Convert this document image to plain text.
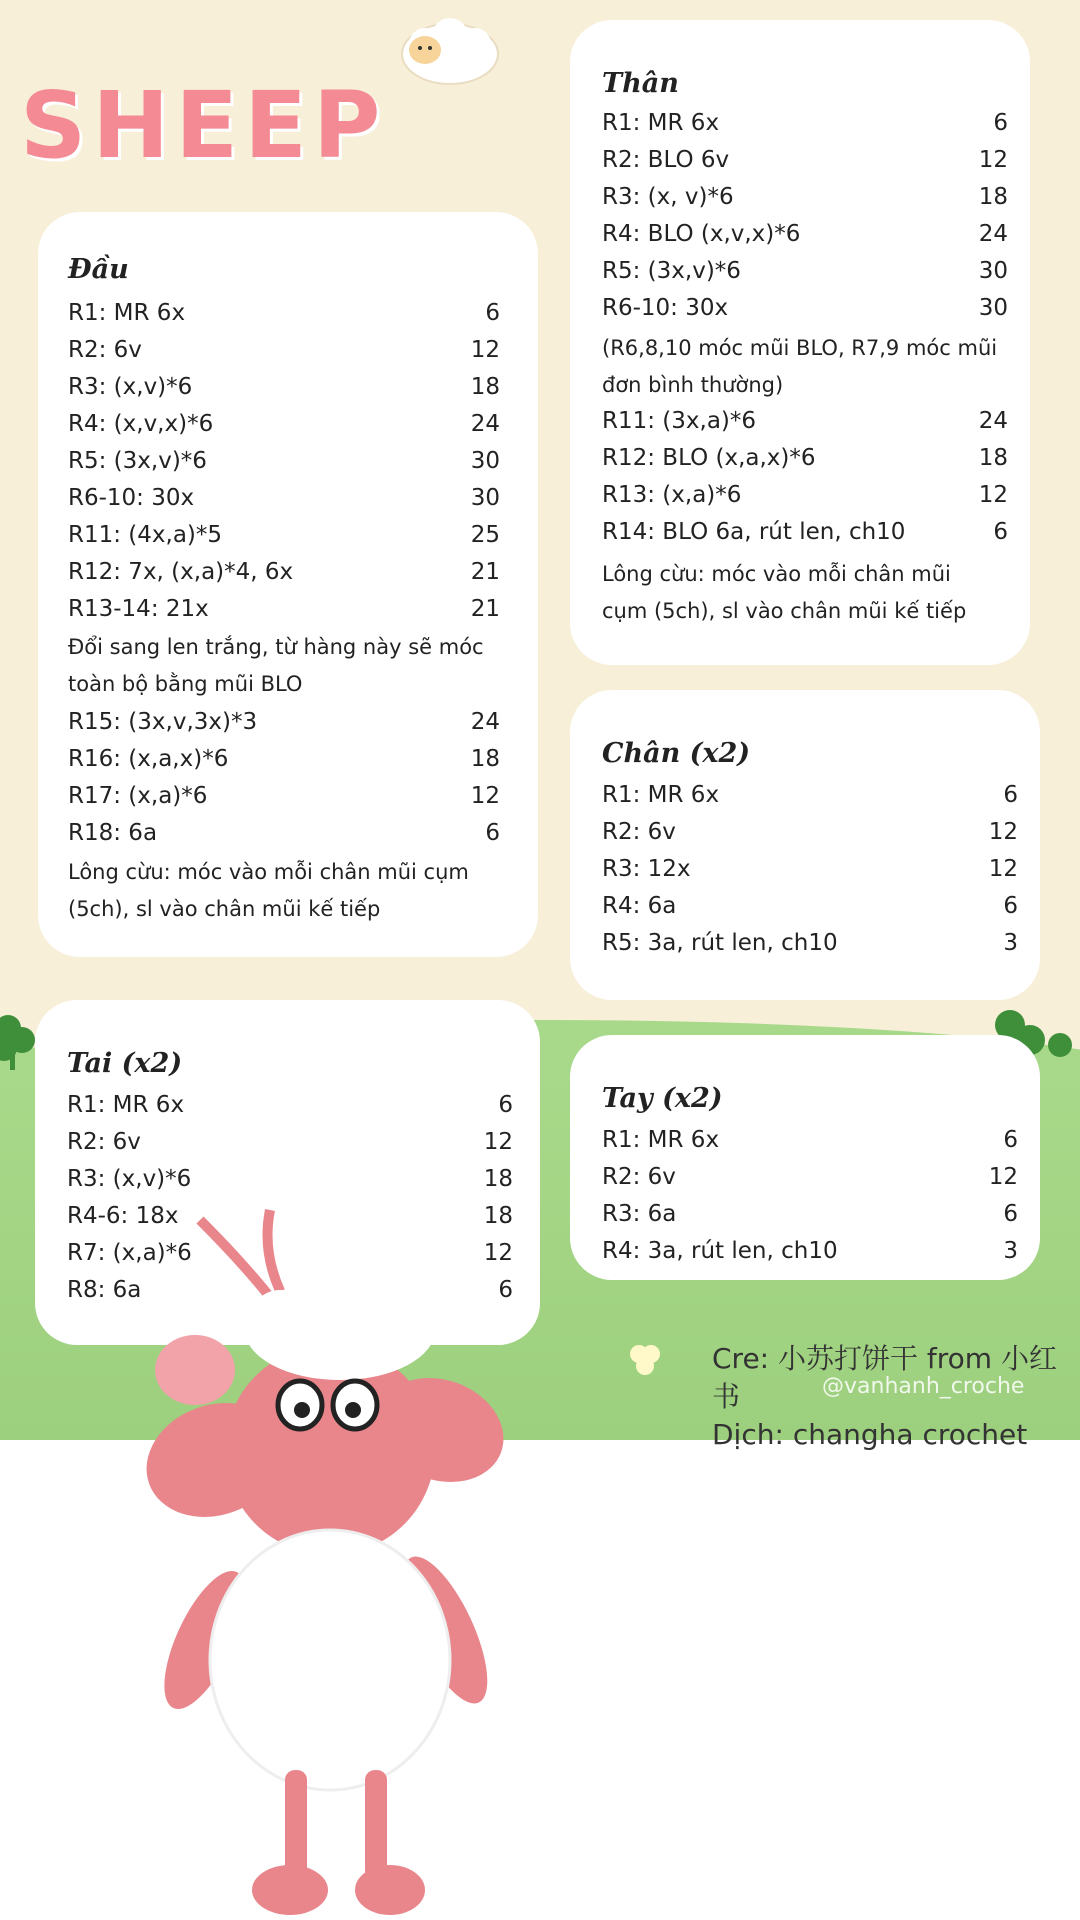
SHEEP
Đầu
R1: MR 6x	6
R2: 6v	12
R3: (x,v)*6	18
R4: (x,v,x)*6	24
R5: (3x,v)*6	30
R6-10: 30x	30
R11: (4x,a)*5	25
R12: 7x, (x,a)*4, 6x	21
R13-14: 21x	21
Đổi sang len trắng, từ hàng này sẽ móc toàn bộ bằng mũi BLO
R15: (3x,v,3x)*3	24
R16: (x,a,x)*6	18
R17: (x,a)*6	12
R18: 6a	6
Lông cừu: móc vào mỗi chân mũi cụm (5ch), sl vào chân mũi kế tiếp
Thân
R1: MR 6x	6
R2: BLO 6v	12
R3: (x, v)*6	18
R4: BLO (x,v,x)*6	24
R5: (3x,v)*6	30
R6-10: 30x	30
(R6,8,10 móc mũi BLO, R7,9 móc mũi đơn bình thường)
R11: (3x,a)*6	24
R12: BLO (x,a,x)*6	18
R13: (x,a)*6	12
R14: BLO 6a, rút len, ch10	6
Lông cừu: móc vào mỗi chân mũi cụm (5ch), sl vào chân mũi kế tiếp
Chân (x2)
R1: MR 6x	6
R2: 6v	12
R3: 12x	12
R4: 6a	6
R5: 3a, rút len, ch10	3
Tai (x2)
R1: MR 6x	6
R2: 6v	12
R3: (x,v)*6	18
R4-6: 18x	18
R7: (x,a)*6	12
R8: 6a	6
Tay (x2)
R1: MR 6x	6
R2: 6v	12
R3: 6a	6
R4: 3a, rút len, ch10	3
Cre: 小苏打饼干 from 小红书
Dịch: changha crochet
@vanhanh_croche
